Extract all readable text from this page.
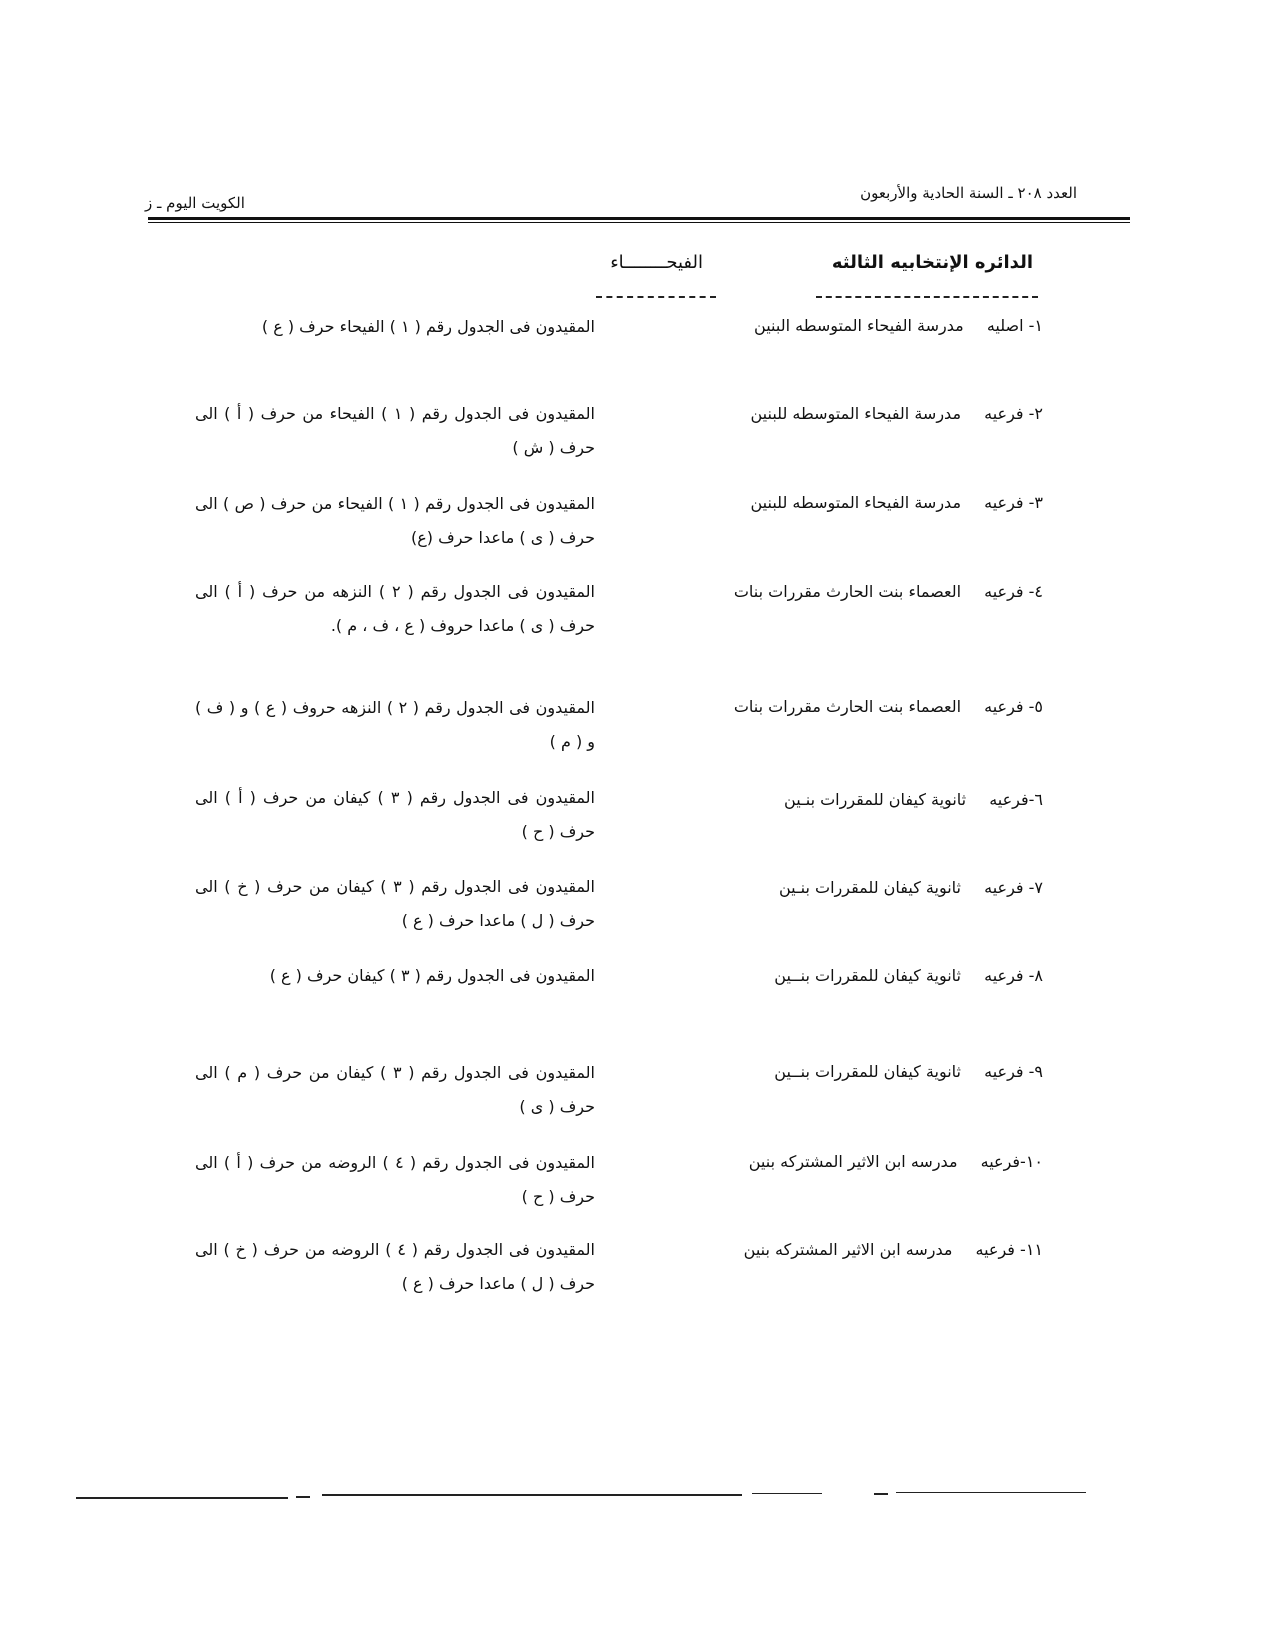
العدد ٢٠٨ ـ السنة الحادية والأربعون
الكويت اليوم ـ ز
الدائره الإنتخابيه الثالثه
الفيحــــــــاء
١- اصليه مدرسة الفيحاء المتوسطه البنين
المقيدون فى الجدول رقم ( ١ ) الفيحاء حرف ( ع )
٢- فرعيه مدرسة الفيحاء المتوسطه للبنين
المقيدون فى الجدول رقم ( ١ ) الفيحاء من حرف ( أ ) الى حرف ( ش )
٣- فرعيه مدرسة الفيحاء المتوسطه للبنين
المقيدون فى الجدول رقم ( ١ ) الفيحاء من حرف ( ص ) الى حرف ( ى ) ماعدا حرف (ع)
٤- فرعيه العصماء بنت الحارث مقررات بنات
المقيدون فى الجدول رقم ( ٢ ) النزهه من حرف ( أ ) الى حرف ( ى ) ماعدا حروف ( ع ، ف ، م ).
٥- فرعيه العصماء بنت الحارث مقررات بنات
المقيدون فى الجدول رقم ( ٢ ) النزهه حروف ( ع ) و ( ف ) و ( م )
٦-فرعيه ثانوية كيفان للمقررات بنـين
المقيدون فى الجدول رقم ( ٣ ) كيفان من حرف ( أ ) الى حرف ( ح )
٧- فرعيه ثانوية كيفان للمقررات بنـين
المقيدون فى الجدول رقم ( ٣ ) كيفان من حرف ( خ ) الى حرف ( ل ) ماعدا حرف ( ع )
٨- فرعيه ثانوية كيفان للمقررات بنــين
المقيدون فى الجدول رقم ( ٣ ) كيفان حرف ( ع )
٩- فرعيه ثانوية كيفان للمقررات بنــين
المقيدون فى الجدول رقم ( ٣ ) كيفان من حرف ( م ) الى حرف ( ى )
١٠-فرعيه مدرسه ابن الاثير المشتركه بنين
المقيدون فى الجدول رقم ( ٤ ) الروضه من حرف ( أ ) الى حرف ( ح )
١١- فرعيه مدرسه ابن الاثير المشتركه بنين
المقيدون فى الجدول رقم ( ٤ ) الروضه من حرف ( خ ) الى حرف ( ل ) ماعدا حرف ( ع )
